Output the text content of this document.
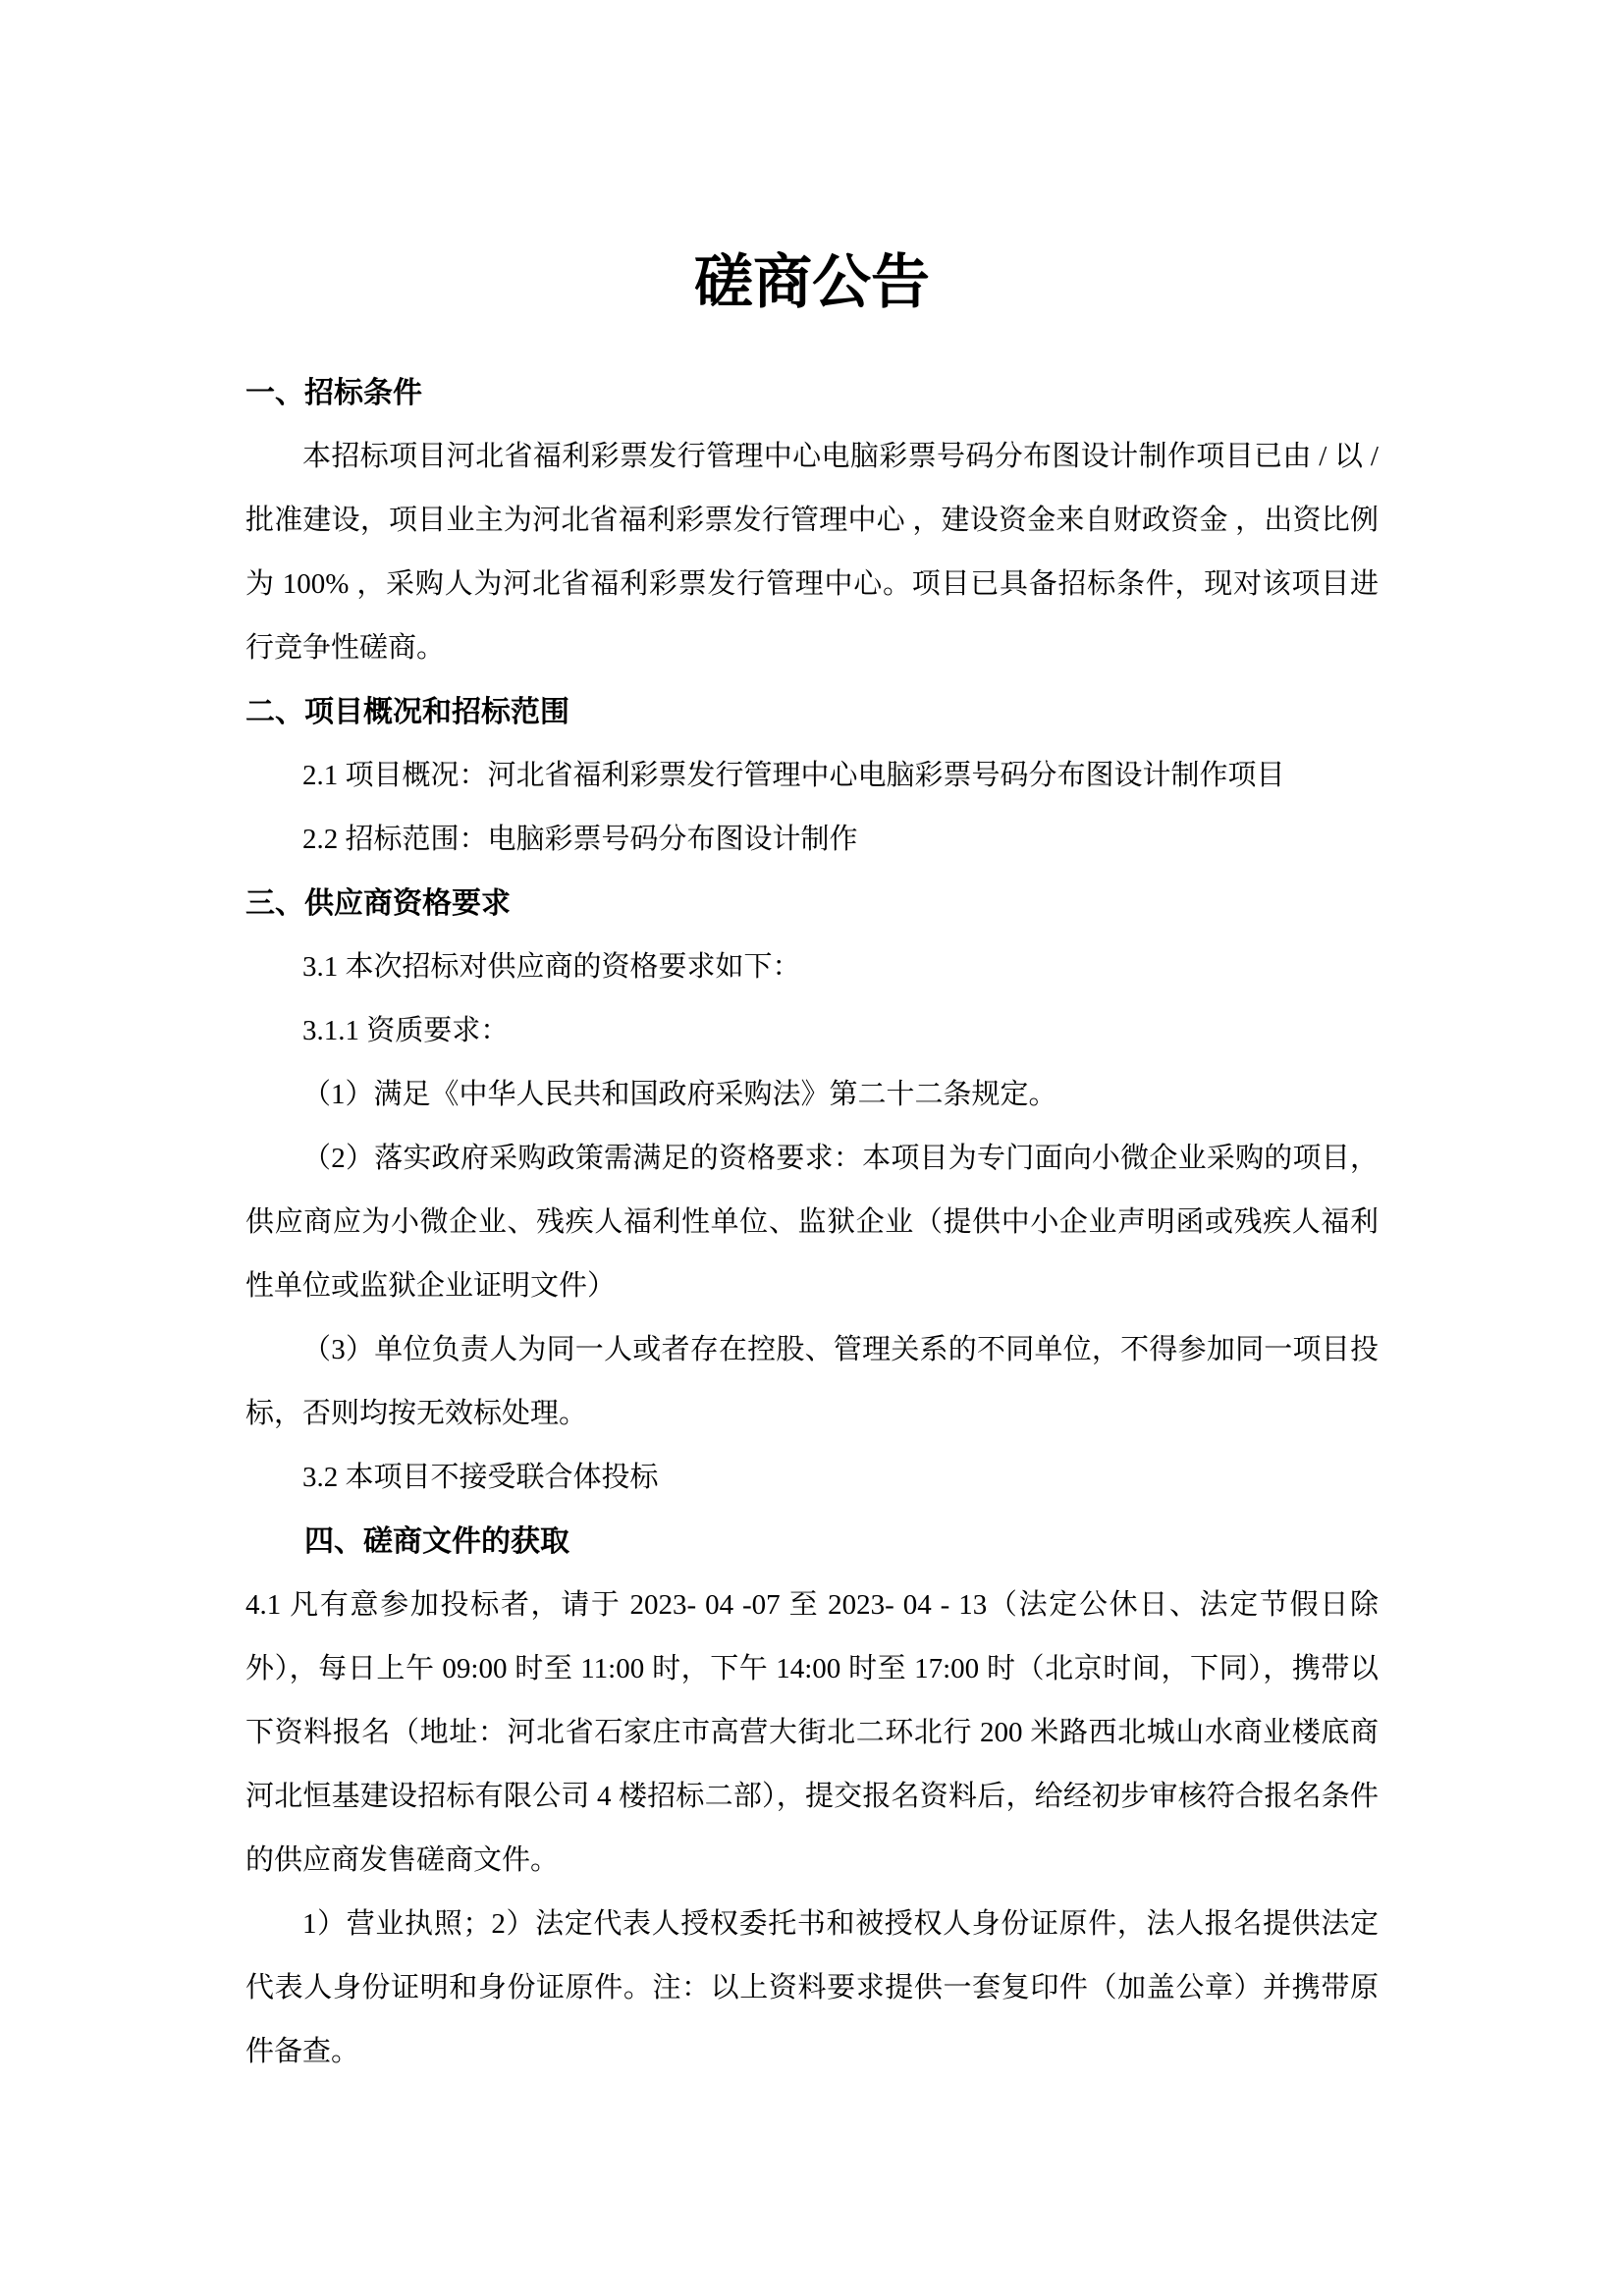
磋商公告
一、招标条件

本招标项目河北省福利彩票发行管理中心电脑彩票号码分布图设计制作项目已由 / 以 / 批准建设，项目业主为河北省福利彩票发行管理中心 ，建设资金来自财政资金 ，出资比例为 100% ，采购人为河北省福利彩票发行管理中心。项目已具备招标条件，现对该项目进行竞争性磋商。

二、项目概况和招标范围

2.1 项目概况：河北省福利彩票发行管理中心电脑彩票号码分布图设计制作项目

2.2 招标范围：电脑彩票号码分布图设计制作

三、供应商资格要求

3.1 本次招标对供应商的资格要求如下：

3.1.1 资质要求：

（1）满足《中华人民共和国政府采购法》第二十二条规定。

（2）落实政府采购政策需满足的资格要求：本项目为专门面向小微企业采购的项目，供应商应为小微企业、残疾人福利性单位、监狱企业（提供中小企业声明函或残疾人福利性单位或监狱企业证明文件）

（3）单位负责人为同一人或者存在控股、管理关系的不同单位，不得参加同一项目投标，否则均按无效标处理。

3.2 本项目不接受联合体投标

四、磋商文件的获取

4.1 凡有意参加投标者，请于 2023- 04 -07 至 2023- 04 - 13（法定公休日、法定节假日除外），每日上午 09:00 时至 11:00 时，下午 14:00 时至 17:00 时（北京时间，下同），携带以下资料报名（地址：河北省石家庄市高营大街北二环北行 200 米路西北城山水商业楼底商河北恒基建设招标有限公司 4 楼招标二部），提交报名资料后，给经初步审核符合报名条件的供应商发售磋商文件。

1）营业执照；2）法定代表人授权委托书和被授权人身份证原件，法人报名提供法定代表人身份证明和身份证原件。注：以上资料要求提供一套复印件（加盖公章）并携带原件备查。
